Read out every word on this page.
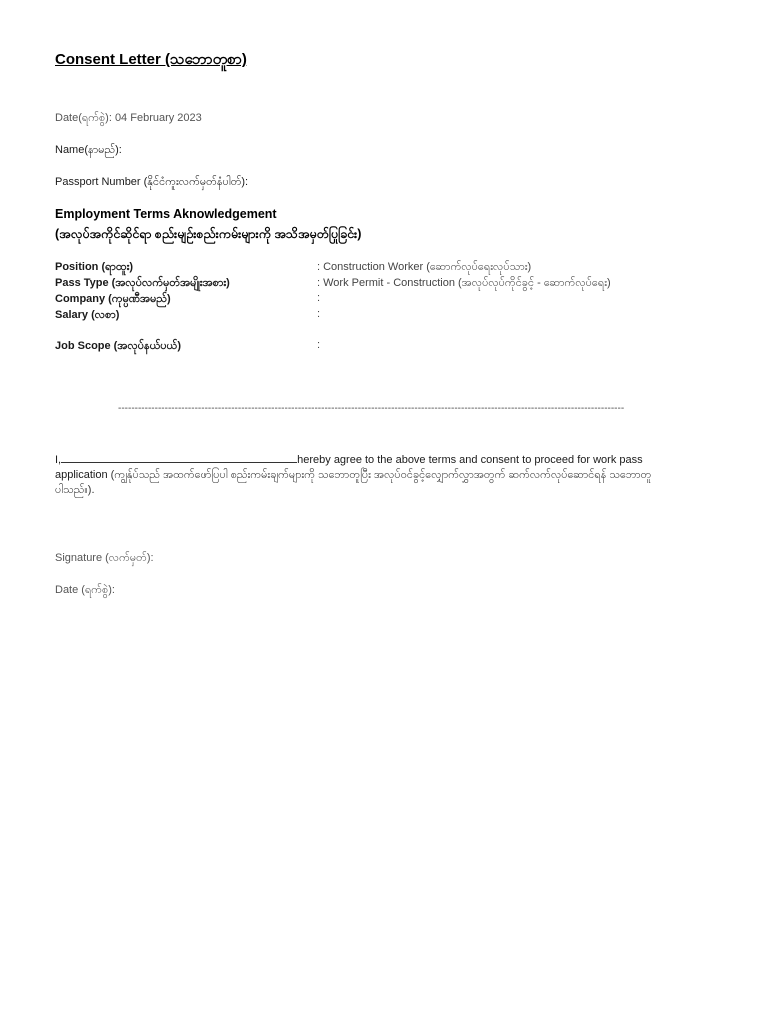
Consent Letter (သဘောတူစာ)
Date(ရက်စွဲ): 04 February 2023
Name(နာမည်):
Passport Number (နိုင်ငံကူးလက်မှတ်နံပါတ်):
Employment Terms Aknowledgement
(အလုပ်အကိုင်ဆိုင်ရာ စည်းမျဉ်းစည်းကမ်းများကို အသိအမှတ်ပြုခြင်း)
Position (ရာထူး)	: Construction Worker (ဆောက်လုပ်ရေးလုပ်သား)
Pass Type (အလုပ်လက်မှတ်အမျိုးအစား)	: Work Permit - Construction (အလုပ်လုပ်ကိုင်ခွင့် - ဆောက်လုပ်ရေး)
Company (ကုမ္ပဏီအမည်)	:
Salary (လစာ)	:
Job Scope (အလုပ်နယ်ပယ်)	:
--------------------------------------------------------------------------------------------------------------------------------------------------------
I,	hereby agree to the above terms and consent to proceed for work pass application (ကျွန်ုပ်သည် အထက်ဖော်ပြပါ စည်းကမ်းချက်များကို သဘောတူပြီး အလုပ်ဝင်ခွင့်လျှောက်လွှာအတွက် ဆက်လက်လုပ်ဆောင်ရန် သဘောတူပါသည်။).
Signature (လက်မှတ်):
Date (ရက်စွဲ):
